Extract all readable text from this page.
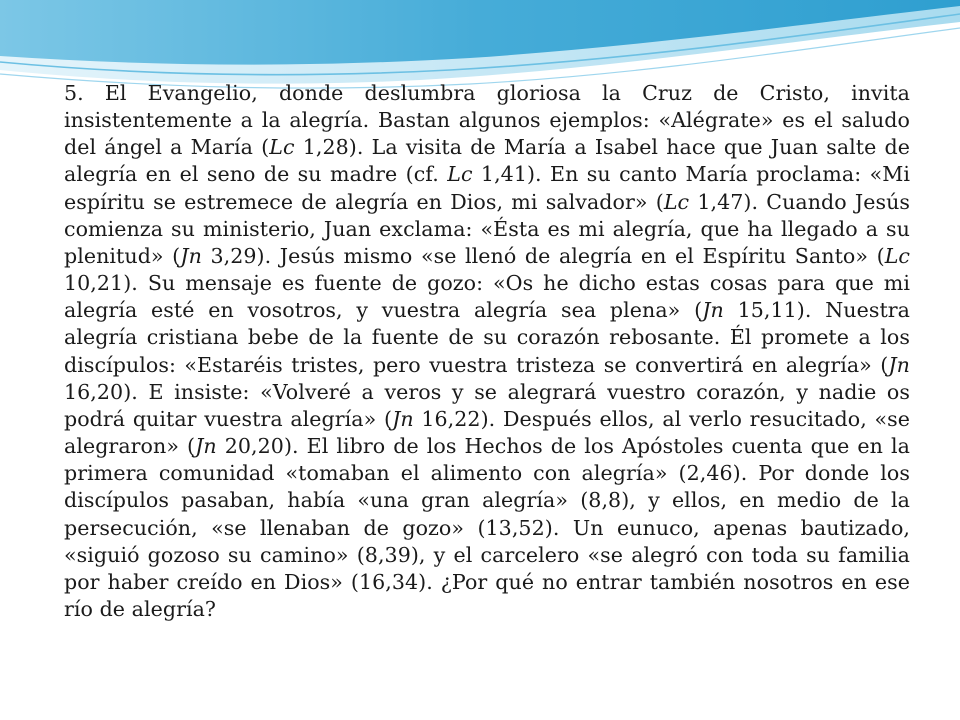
5. El Evangelio, donde deslumbra gloriosa la Cruz de Cristo, invita insistentemente a la alegría. Bastan algunos ejemplos: «Alégrate» es el saludo del ángel a María (Lc 1,28). La visita de María a Isabel hace que Juan salte de alegría en el seno de su madre (cf. Lc 1,41). En su canto María proclama: «Mi espíritu se estremece de alegría en Dios, mi salvador» (Lc 1,47). Cuando Jesús comienza su ministerio, Juan exclama: «Ésta es mi alegría, que ha llegado a su plenitud» (Jn 3,29). Jesús mismo «se llenó de alegría en el Espíritu Santo» (Lc 10,21). Su mensaje es fuente de gozo: «Os he dicho estas cosas para que mi alegría esté en vosotros, y vuestra alegría sea plena» (Jn 15,11). Nuestra alegría cristiana bebe de la fuente de su corazón rebosante. Él promete a los discípulos: «Estaréis tristes, pero vuestra tristeza se convertirá en alegría» (Jn 16,20). E insiste: «Volveré a veros y se alegrará vuestro corazón, y nadie os podrá quitar vuestra alegría» (Jn 16,22). Después ellos, al verlo resucitado, «se alegraron» (Jn 20,20). El libro de los Hechos de los Apóstoles cuenta que en la primera comunidad «tomaban el alimento con alegría» (2,46). Por donde los discípulos pasaban, había «una gran alegría» (8,8), y ellos, en medio de la persecución, «se llenaban de gozo» (13,52). Un eunuco, apenas bautizado, «siguió gozoso su camino» (8,39), y el carcelero «se alegró con toda su familia por haber creído en Dios» (16,34). ¿Por qué no entrar también nosotros en ese río de alegría?
